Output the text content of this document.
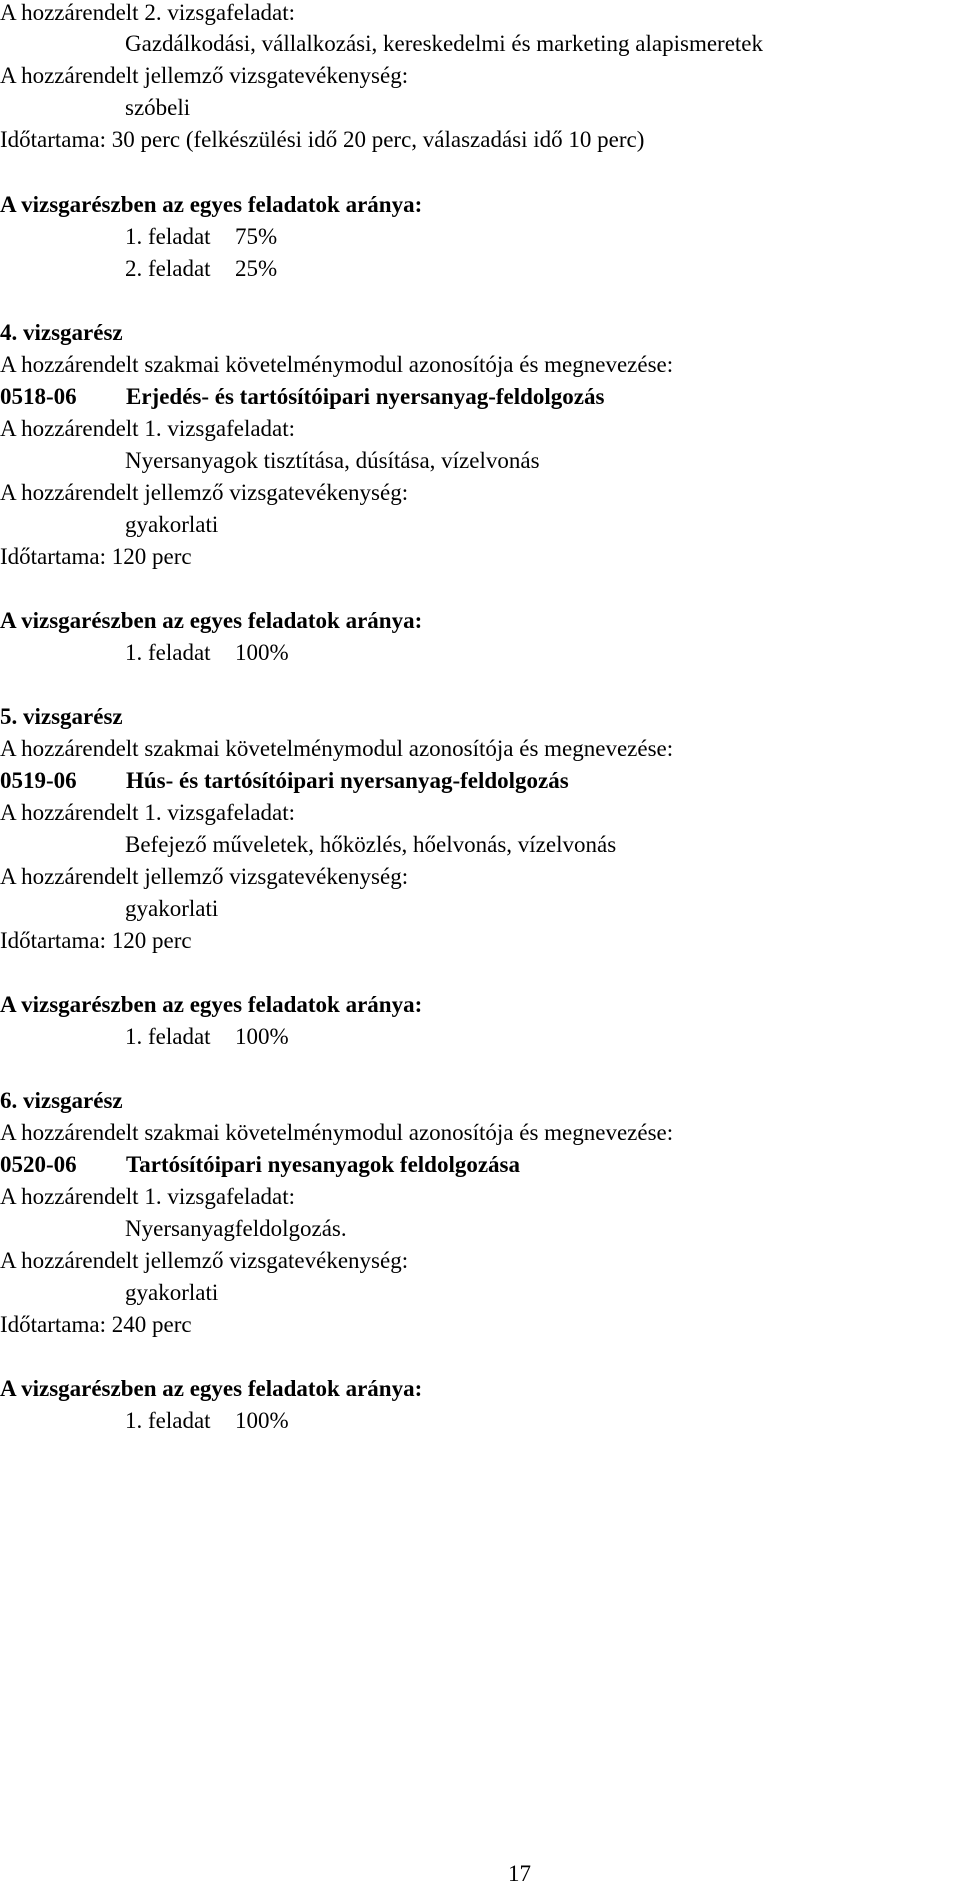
A hozzárendelt 2. vizsgafeladat:
Gazdálkodási, vállalkozási, kereskedelmi és marketing alapismeretek
A hozzárendelt jellemző vizsgatevékenység:
szóbeli
Időtartama: 30 perc (felkészülési idő 20 perc, válaszadási idő 10 perc)
A vizsgarészben az egyes feladatok aránya:
1. feladat 75%
2. feladat 25%
4. vizsgarész
A hozzárendelt szakmai követelménymodul azonosítója és megnevezése:
0518-06 Erjedés- és tartósítóipari nyersanyag-feldolgozás
A hozzárendelt 1. vizsgafeladat:
Nyersanyagok tisztítása, dúsítása, vízelvonás
A hozzárendelt jellemző vizsgatevékenység:
gyakorlati
Időtartama: 120 perc
A vizsgarészben az egyes feladatok aránya:
1. feladat 100%
5. vizsgarész
A hozzárendelt szakmai követelménymodul azonosítója és megnevezése:
0519-06 Hús- és tartósítóipari nyersanyag-feldolgozás
A hozzárendelt 1. vizsgafeladat:
Befejező műveletek, hőközlés, hőelvonás, vízelvonás
A hozzárendelt jellemző vizsgatevékenység:
gyakorlati
Időtartama: 120 perc
A vizsgarészben az egyes feladatok aránya:
1. feladat 100%
6. vizsgarész
A hozzárendelt szakmai követelménymodul azonosítója és megnevezése:
0520-06 Tartósítóipari nyesanyagok feldolgozása
A hozzárendelt 1. vizsgafeladat:
Nyersanyagfeldolgozás.
A hozzárendelt jellemző vizsgatevékenység:
gyakorlati
Időtartama: 240 perc
A vizsgarészben az egyes feladatok aránya:
1. feladat 100%
17
